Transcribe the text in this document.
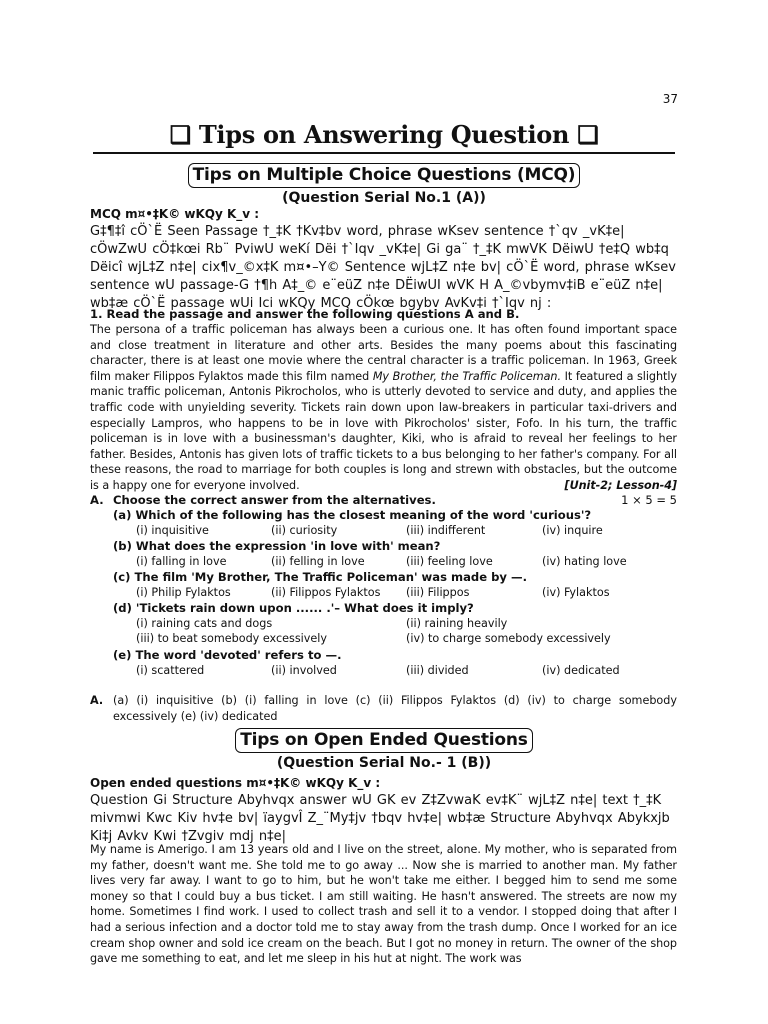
37
❑ Tips on Answering Question ❑
Tips on Multiple Choice Questions (MCQ)
(Question Serial No.1 (A))
MCQ m¤•‡K© wKQy K_v :
G‡¶‡î cÖ`Ë Seen Passage †_‡K †Kv‡bv word, phrase wKsev sentence †`qv _vK‡e| cÖwZwU cÖ‡kœi Rb¨ PviwU weKí Dëi †`Iqv _vK‡e| Gi ga¨ †_‡K mwVK DëiwU †e‡Q wb‡q Dëicî wjL‡Z n‡e| cix¶v_©x‡K m¤•–Y© Sentence wjL‡Z n‡e bv| cÖ`Ë word, phrase wKsev sentence wU passage-G †¶h A‡_© e¨eüZ n‡e DËiwUI wVK H A_©vbymv‡iB e¨eüZ n‡e| wb‡æ cÖ`Ë passage wUi Ici wKQy MCQ cÖkœ bgybv AvKv‡i †`Iqv nj :
1. Read the passage and answer the following questions A and B.
The persona of a traffic policeman has always been a curious one. It has often found important space and close treatment in literature and other arts. Besides the many poems about this fascinating character, there is at least one movie where the central character is a traffic policeman. In 1963, Greek film maker Filippos Fylaktos made this film named My Brother, the Traffic Policeman. It featured a slightly manic traffic policeman, Antonis Pikrocholos, who is utterly devoted to service and duty, and applies the traffic code with unyielding severity. Tickets rain down upon law-breakers in particular taxi-drivers and especially Lampros, who happens to be in love with Pikrocholos' sister, Fofo. In his turn, the traffic policeman is in love with a businessman's daughter, Kiki, who is afraid to reveal her feelings to her father. Besides, Antonis has given lots of traffic tickets to a bus belonging to her father's company. For all these reasons, the road to marriage for both couples is long and strewn with obstacles, but the outcome is a happy one for everyone involved.	[Unit-2; Lesson-4]
A. Choose the correct answer from the alternatives.	1 × 5 = 5
(a) Which of the following has the closest meaning of the word 'curious'?
(i) inquisitive	(ii) curiosity	(iii) indifferent	(iv) inquire
(b) What does the expression 'in love with' mean?
(i) falling in love	(ii) felling in love	(iii) feeling love	(iv) hating love
(c) The film 'My Brother, The Traffic Policeman' was made by —.
(i) Philip Fylaktos	(ii) Filippos Fylaktos (iii) Filippos	(iv) Fylaktos
(d) 'Tickets rain down upon ...... .'– What does it imply?
(i) raining cats and dogs	(ii) raining heavily
(iii) to beat somebody excessively	(iv) to charge somebody excessively
(e) The word 'devoted' refers to —.
(i) scattered	(ii) involved	(iii) divided	(iv) dedicated
A. (a) (i) inquisitive (b) (i) falling in love (c) (ii) Filippos Fylaktos (d) (iv) to charge somebody excessively (e) (iv) dedicated
Tips on Open Ended Questions
(Question Serial No.- 1 (B))
Open ended questions m¤•‡K© wKQy K_v :
Question Gi Structure Abyhvqx answer wU GK ev Z‡ZvwaK ev‡K¨ wjL‡Z n‡e| text †_‡K mivmwi Kwc Kiv hv‡e bv| ïaygvÎ Z_¨My‡jv †bqv hv‡e| wb‡æ Structure Abyhvqx Abykxjb Ki‡j Avkv Kwi †Zvgiv mdj n‡e|
My name is Amerigo. I am 13 years old and I live on the street, alone. My mother, who is separated from my father, doesn't want me. She told me to go away ... Now she is married to another man. My father lives very far away. I want to go to him, but he won't take me either. I begged him to send me some money so that I could buy a bus ticket. I am still waiting. He hasn't answered. The streets are now my home. Sometimes I find work. I used to collect trash and sell it to a vendor. I stopped doing that after I had a serious infection and a doctor told me to stay away from the trash dump. Once I worked for an ice cream shop owner and sold ice cream on the beach. But I got no money in return. The owner of the shop gave me something to eat, and let me sleep in his hut at night. The work was
